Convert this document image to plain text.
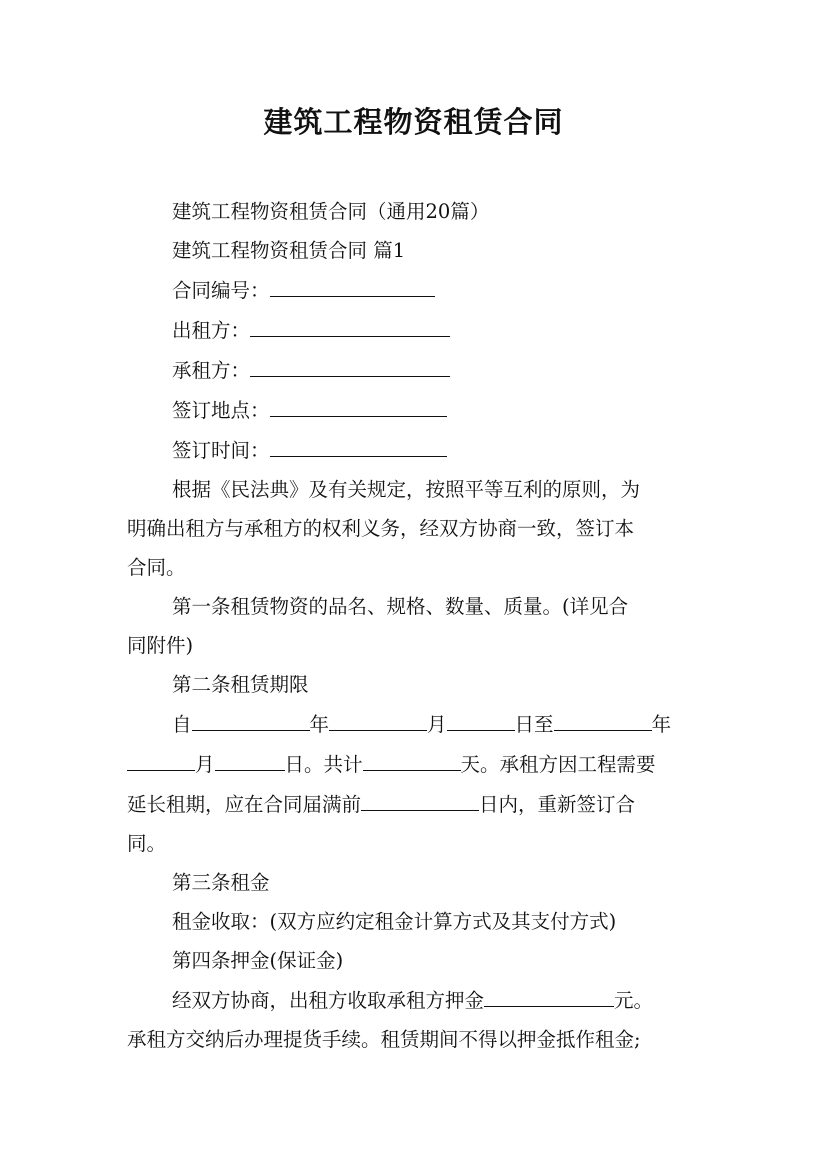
建筑工程物资租赁合同
建筑工程物资租赁合同（通用20篇）
建筑工程物资租赁合同 篇1
合同编号：
出租方：
承租方：
签订地点：
签订时间：
根据《民法典》及有关规定，按照平等互利的原则，为
明确出租方与承租方的权利义务，经双方协商一致，签订本
合同。
第一条租赁物资的品名、规格、数量、质量。(详见合
同附件)
第二条租赁期限
自	年	月	日至	年
月	日。共计	天。承租方因工程需要
延长租期，应在合同届满前	日内，重新签订合
同。
第三条租金
租金收取：(双方应约定租金计算方式及其支付方式)
第四条押金(保证金)
经双方协商，出租方收取承租方押金	元。
承租方交纳后办理提货手续。租赁期间不得以押金抵作租金;
